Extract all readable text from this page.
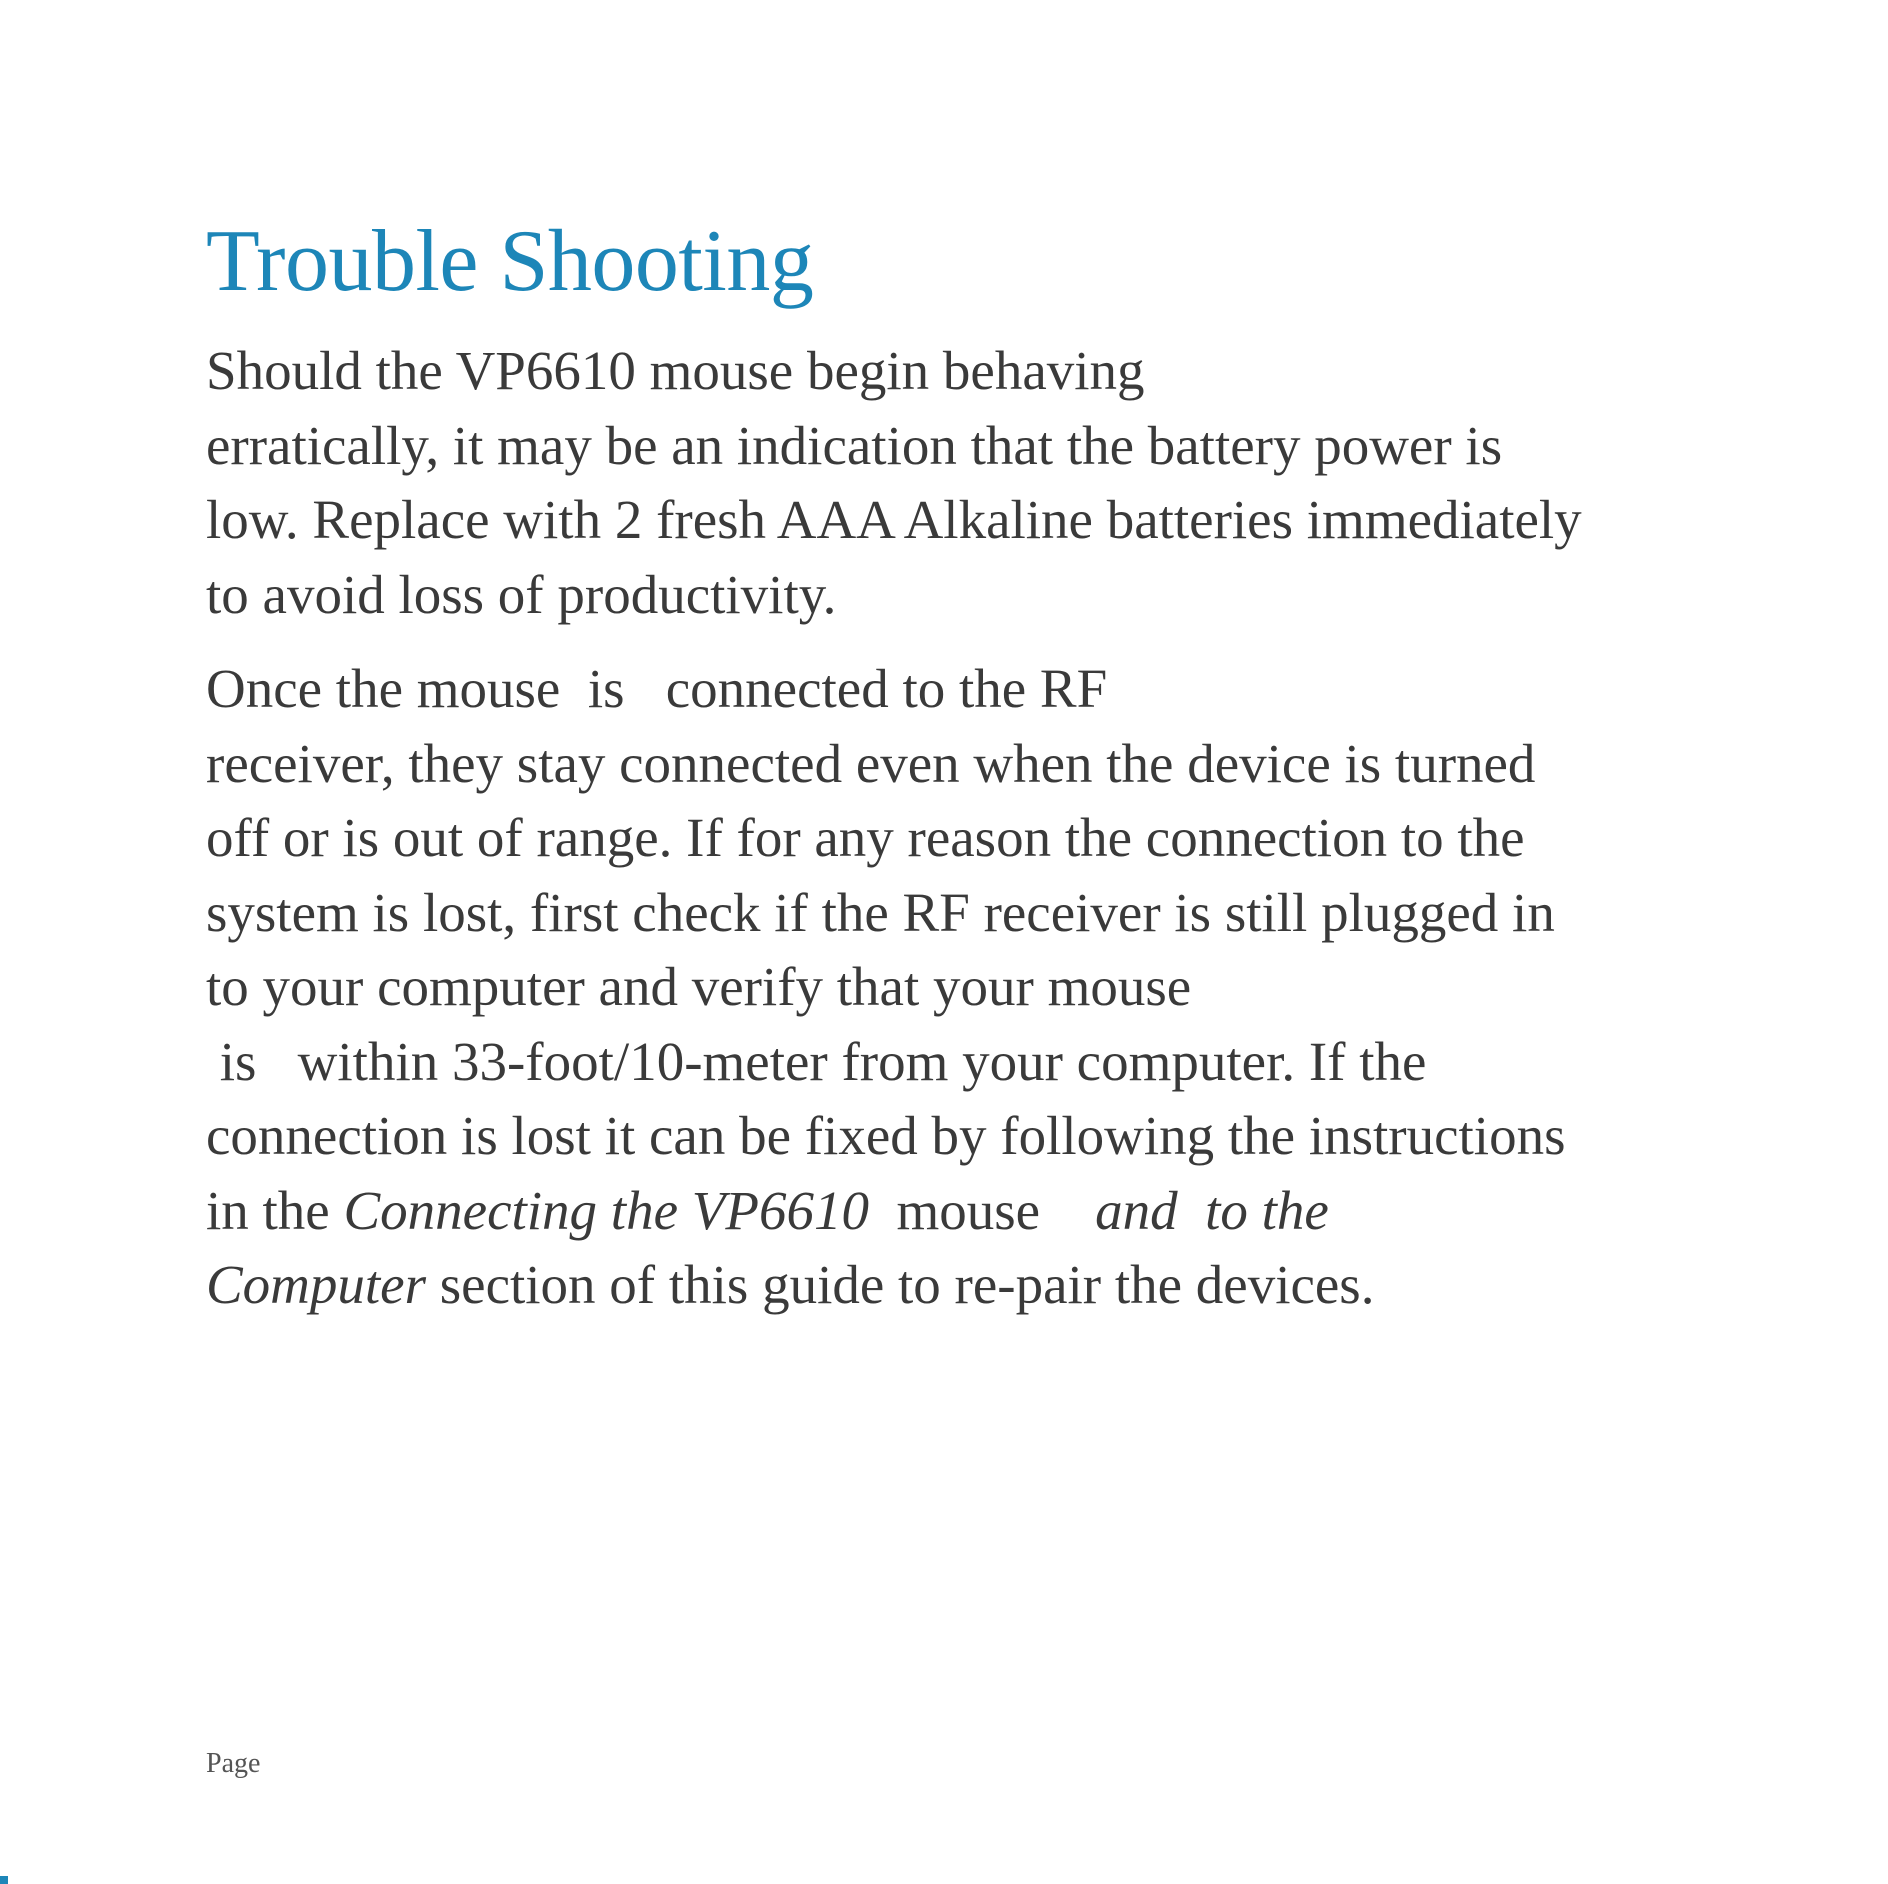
Trouble Shooting
Should the VP6610 mouse begin behaving
erratically, it may be an indication that the battery power is
low. Replace with 2 fresh AAA Alkaline batteries immediately
to avoid loss of productivity.
Once the mouse  is   connected to the RF
receiver, they stay connected even when the device is turned
off or is out of range. If for any reason the connection to the
system is lost, first check if the RF receiver is still plugged in
to your computer and verify that your mouse
is   within 33-foot/10-meter from your computer. If the
connection is lost it can be fixed by following the instructions
in the Connecting the VP6610  mouse    and  to the
Computer section of this guide to re-pair the devices.

Page
